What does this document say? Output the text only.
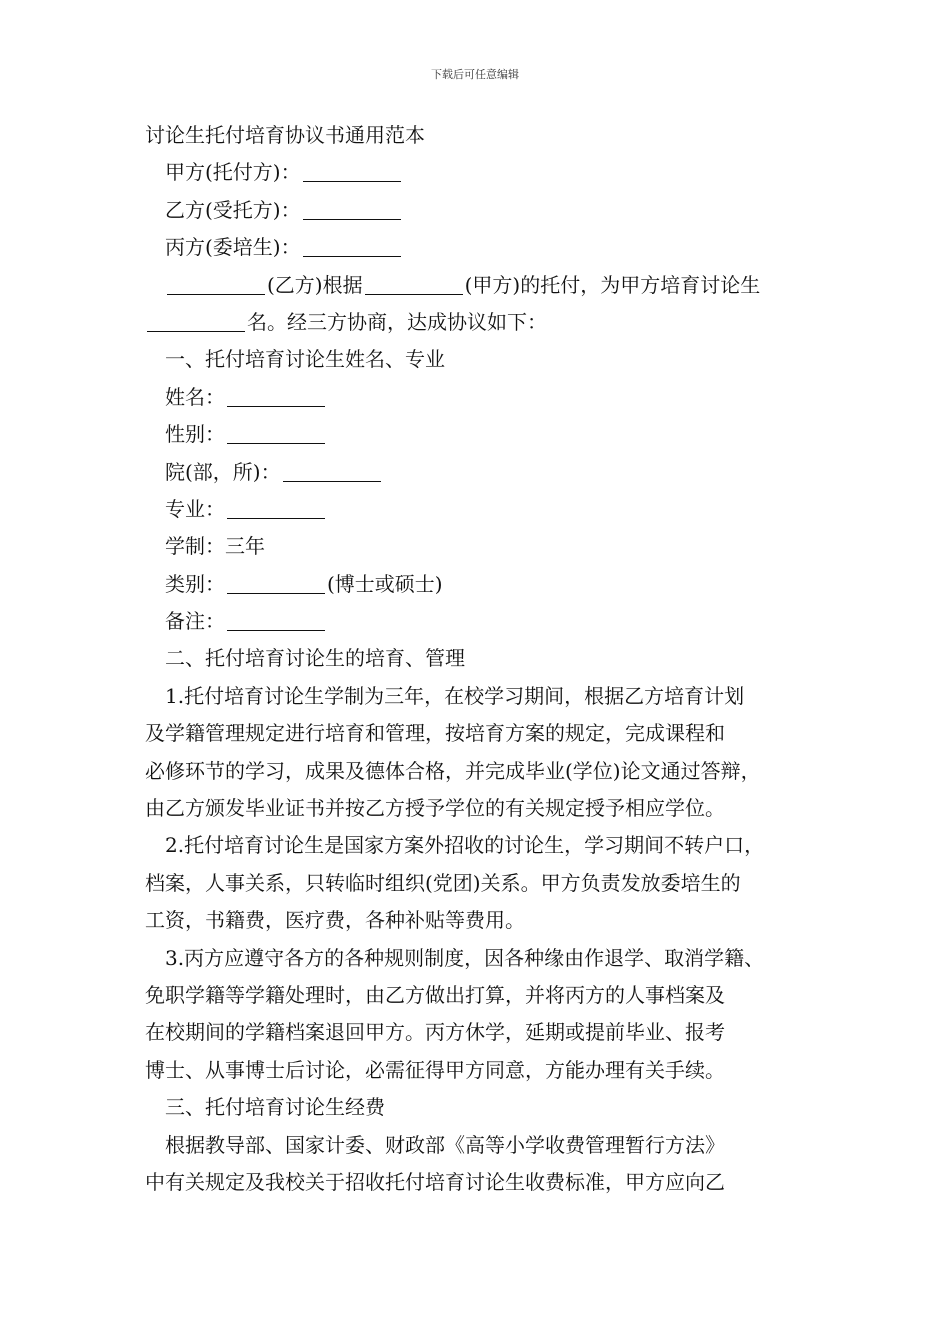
下载后可任意编辑
讨论生托付培育协议书通用范本
甲方(托付方)：
乙方(受托方)：
丙方(委培生)：
(乙方)根据	(甲方)的托付，为甲方培育讨论生
名。经三方协商，达成协议如下：
一、托付培育讨论生姓名、专业
姓名：
性别：
院(部，所)：
专业：
学制：三年
类别：	(博士或硕士)
备注：
二、托付培育讨论生的培育、管理
1.托付培育讨论生学制为三年，在校学习期间，根据乙方培育计划
及学籍管理规定进行培育和管理，按培育方案的规定，完成课程和
必修环节的学习，成果及德体合格，并完成毕业(学位)论文通过答辩，
由乙方颁发毕业证书并按乙方授予学位的有关规定授予相应学位。
2.托付培育讨论生是国家方案外招收的讨论生，学习期间不转户口，
档案，人事关系，只转临时组织(党团)关系。甲方负责发放委培生的
工资，书籍费，医疗费，各种补贴等费用。
3.丙方应遵守各方的各种规则制度，因各种缘由作退学、取消学籍、
免职学籍等学籍处理时，由乙方做出打算，并将丙方的人事档案及
在校期间的学籍档案退回甲方。丙方休学，延期或提前毕业、报考
博士、从事博士后讨论，必需征得甲方同意，方能办理有关手续。
三、托付培育讨论生经费
根据教导部、国家计委、财政部《高等小学收费管理暂行方法》
中有关规定及我校关于招收托付培育讨论生收费标准，甲方应向乙
